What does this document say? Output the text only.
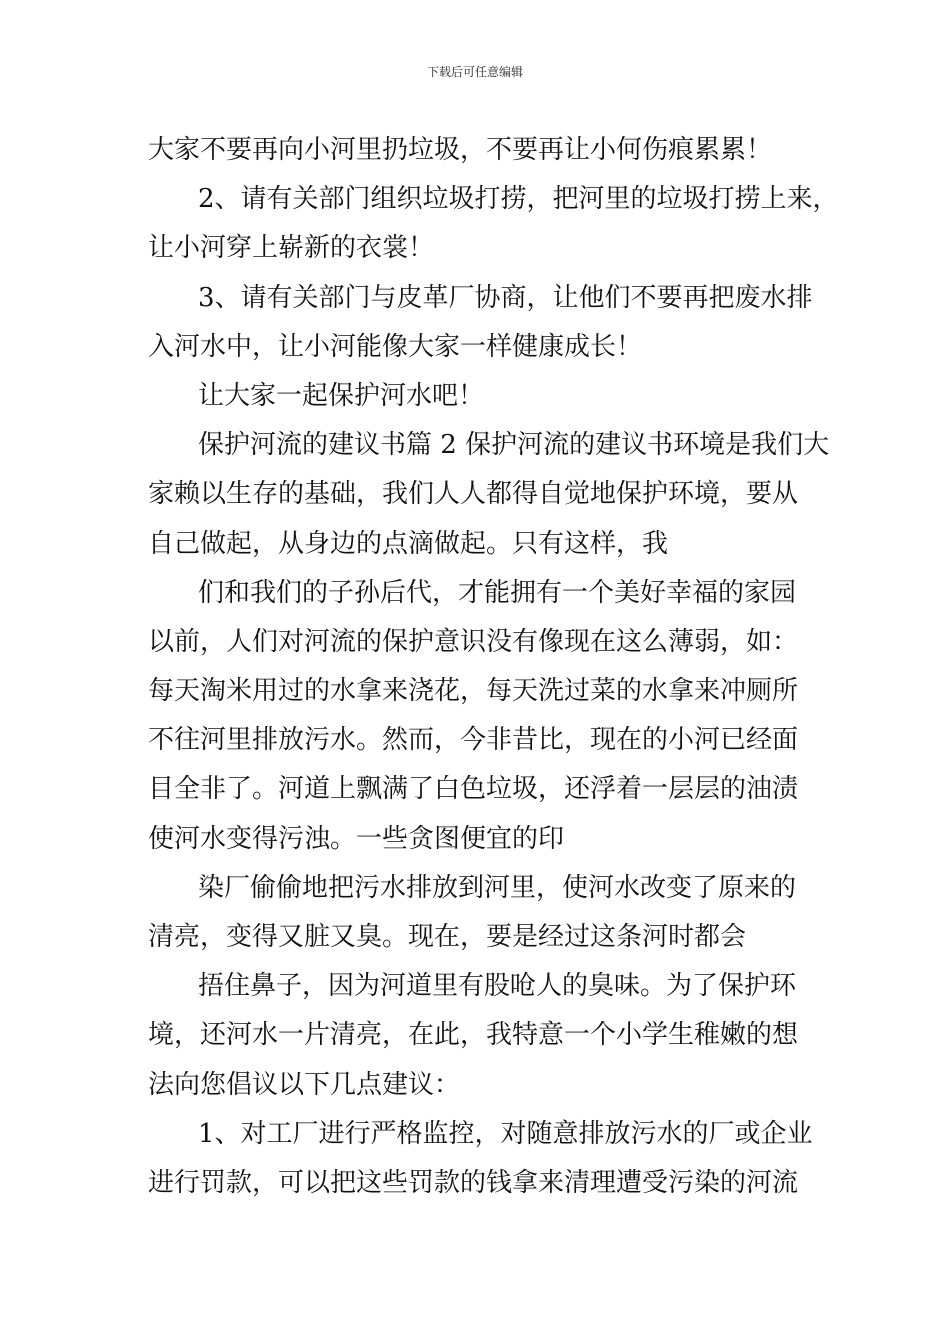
下载后可任意编辑
大家不要再向小河里扔垃圾，不要再让小何伤痕累累！
2、请有关部门组织垃圾打捞，把河里的垃圾打捞上来，
让小河穿上崭新的衣裳！
3、请有关部门与皮革厂协商，让他们不要再把废水排
入河水中，让小河能像大家一样健康成长！
让大家一起保护河水吧！
保护河流的建议书篇 2 保护河流的建议书环境是我们大
家赖以生存的基础，我们人人都得自觉地保护环境，要从
自己做起，从身边的点滴做起。只有这样，我
们和我们的子孙后代，才能拥有一个美好幸福的家园
以前，人们对河流的保护意识没有像现在这么薄弱，如：
每天淘米用过的水拿来浇花，每天洗过菜的水拿来冲厕所
不往河里排放污水。然而，今非昔比，现在的小河已经面
目全非了。河道上飘满了白色垃圾，还浮着一层层的油渍
使河水变得污浊。一些贪图便宜的印
染厂偷偷地把污水排放到河里，使河水改变了原来的
清亮，变得又脏又臭。现在，要是经过这条河时都会
捂住鼻子，因为河道里有股呛人的臭味。为了保护环
境，还河水一片清亮，在此，我特意一个小学生稚嫩的想
法向您倡议以下几点建议：
1、对工厂进行严格监控，对随意排放污水的厂或企业
进行罚款，可以把这些罚款的钱拿来清理遭受污染的河流
